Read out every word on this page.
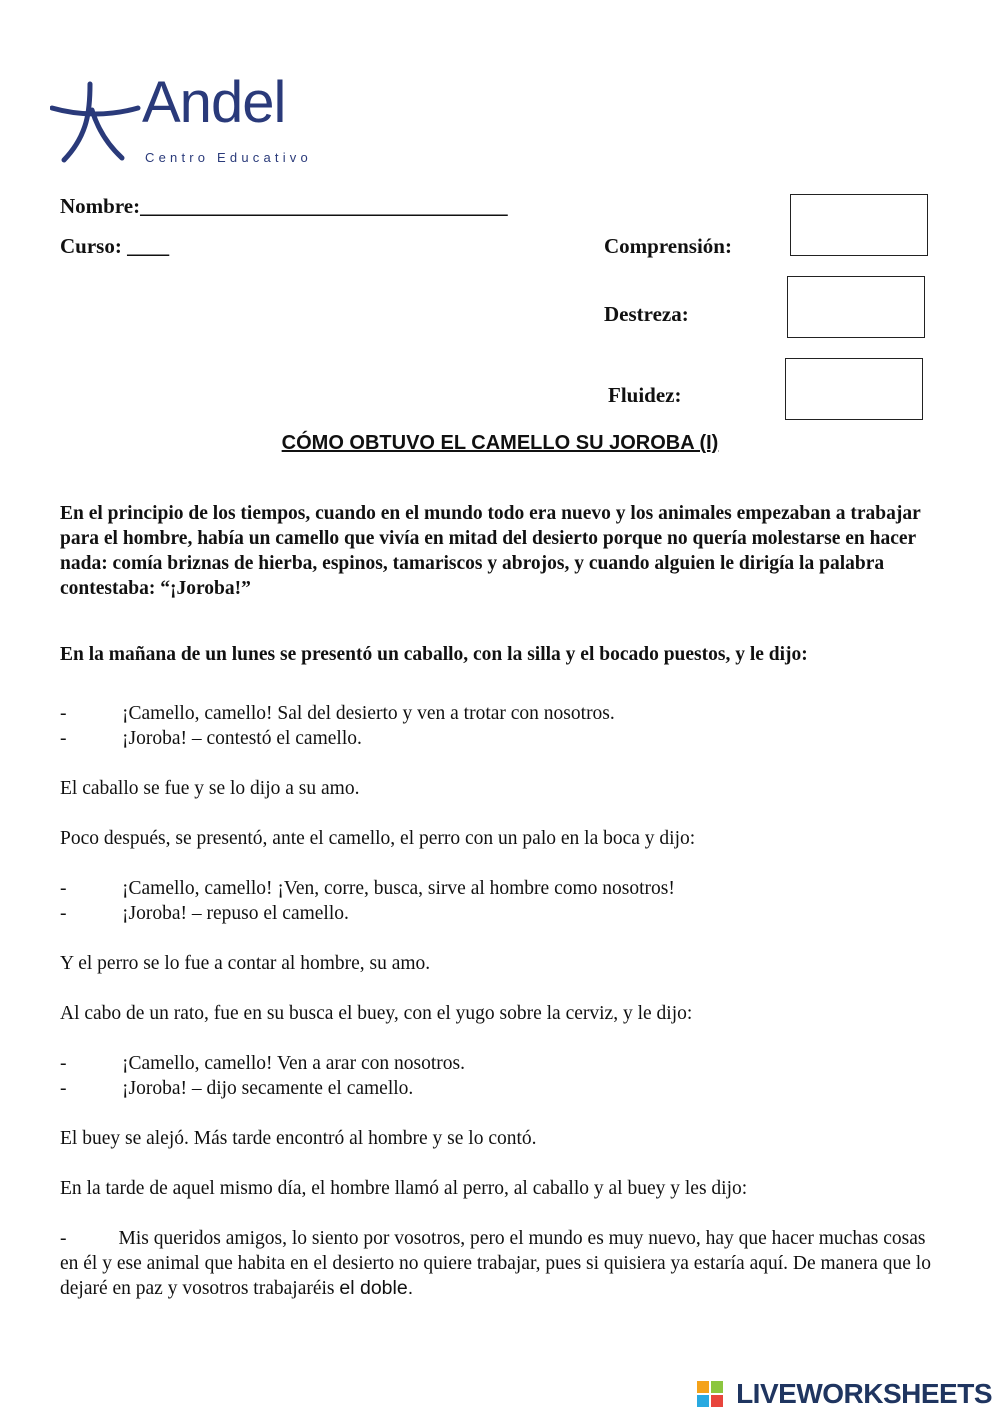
Andel
Centro Educativo
Nombre:___________________________________
Curso: ____	Comprensión:
Destreza:
Fluidez:
CÓMO OBTUVO EL CAMELLO SU JOROBA (I)
En el principio de los tiempos, cuando en el mundo todo era nuevo y los animales empezaban a trabajar para el hombre, había un camello que vivía en mitad del desierto porque no quería molestarse en hacer nada: comía briznas de hierba, espinos, tamariscos y abrojos, y cuando alguien le dirigía la palabra contestaba: “¡Joroba!”
En la mañana de un lunes se presentó un caballo, con la silla y el bocado puestos, y le dijo:
-	¡Camello, camello! Sal del desierto y ven a trotar con nosotros.
-	¡Joroba! – contestó el camello.
El caballo se fue y se lo dijo a su amo.
Poco después, se presentó, ante el camello, el perro con un palo en la boca y dijo:
-	¡Camello, camello! ¡Ven, corre, busca, sirve al hombre como nosotros!
-	¡Joroba! – repuso el camello.
Y el perro se lo fue a contar al hombre, su amo.
Al cabo de un rato, fue en su busca el buey, con el yugo sobre la cerviz, y le dijo:
-	¡Camello, camello! Ven a arar con nosotros.
-	¡Joroba! – dijo secamente el camello.
El buey se alejó. Más tarde encontró al hombre y se lo contó.
En la tarde de aquel mismo día, el hombre llamó al perro, al caballo y al buey y les dijo:
-	Mis queridos amigos, lo siento por vosotros, pero el mundo es muy nuevo, hay que hacer muchas cosas en él y ese animal que habita en el desierto no quiere trabajar, pues si quisiera ya estaría aquí. De manera que lo dejaré en paz y vosotros trabajaréis el doble.
LIVEWORKSHEETS
